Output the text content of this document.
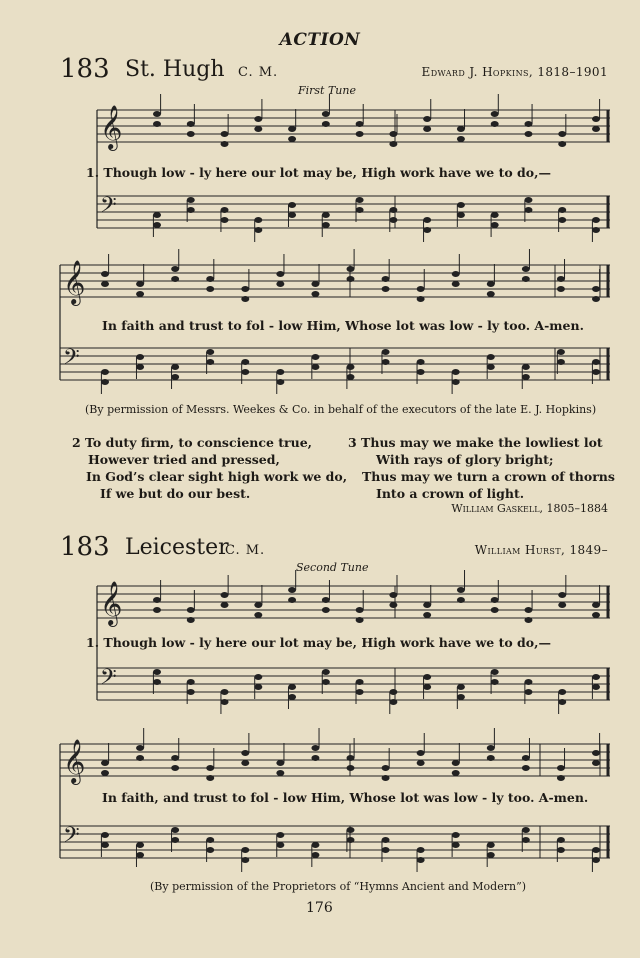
ACTION
183 St. Hugh C. M.	Edward J. Hopkins, 1818–1901
First Tune
𝄞
𝄢
𝄞
𝄢
𝄞
𝄢
𝄞
𝄢
1. Though low - ly here our lot may be, High work have we to do,—
In faith and trust to fol - low Him, Whose lot was low - ly too. A-men.
(By permission of Messrs. Weekes & Co. in behalf of the executors of the late E. J. Hopkins)
2 To duty firm, to conscience true,
However tried and pressed,
In God’s clear sight high work we do,
If we but do our best.
3 Thus may we make the lowliest lot
With rays of glory bright;
Thus may we turn a crown of thorns
Into a crown of light.
William Gaskell, 1805–1884
183 Leicester
C. M.	William Hurst, 1849–
Second Tune
1. Though low - ly here our lot may be, High work have we to do,—
In faith, and trust to fol - low Him, Whose lot was low - ly too. A-men.
(By permission of the Proprietors of “Hymns Ancient and Modern”)
176
